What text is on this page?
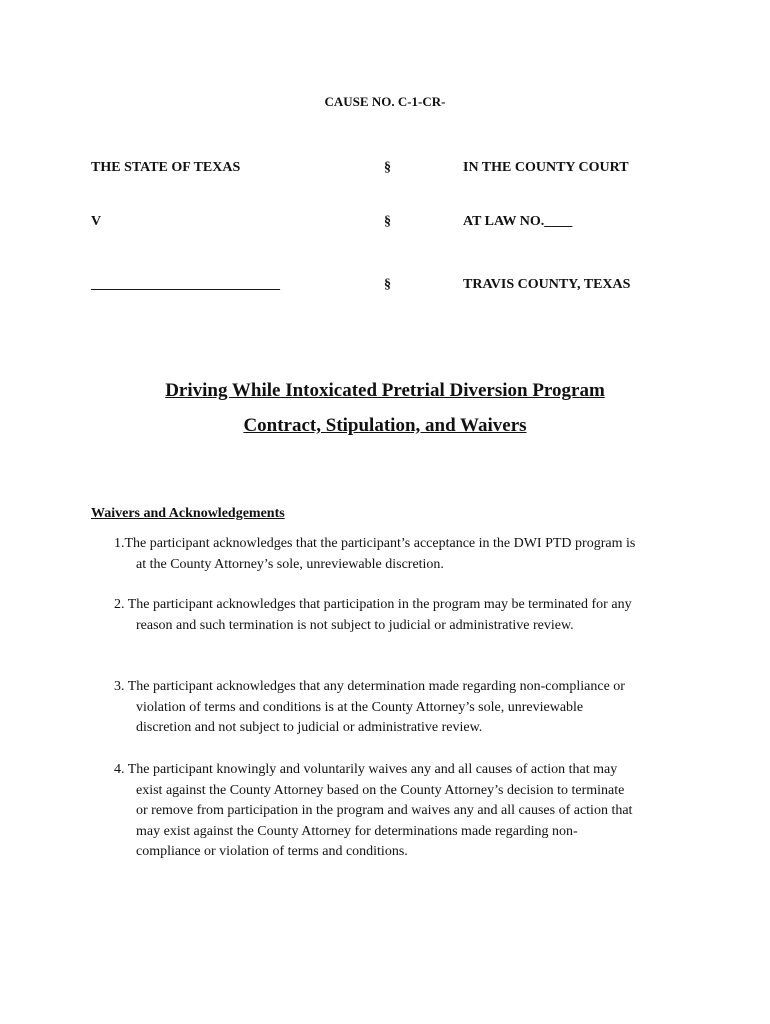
CAUSE NO. C-1-CR-
THE STATE OF TEXAS	§	IN THE COUNTY COURT
V	§	AT LAW NO.____
___________________________	§	TRAVIS COUNTY, TEXAS
Driving While Intoxicated Pretrial Diversion Program
Contract, Stipulation, and Waivers
Waivers and Acknowledgements
1.The participant acknowledges that the participant’s acceptance in the DWI PTD program is
at the County Attorney’s sole, unreviewable discretion.
2. The participant acknowledges that participation in the program may be terminated for any
reason and such termination is not subject to judicial or administrative review.
3. The participant acknowledges that any determination made regarding non-compliance or
violation of terms and conditions is at the County Attorney’s sole, unreviewable
discretion and not subject to judicial or administrative review.
4. The participant knowingly and voluntarily waives any and all causes of action that may
exist against the County Attorney based on the County Attorney’s decision to terminate
or remove from participation in the program and waives any and all causes of action that
may exist against the County Attorney for determinations made regarding non-
compliance or violation of terms and conditions.
